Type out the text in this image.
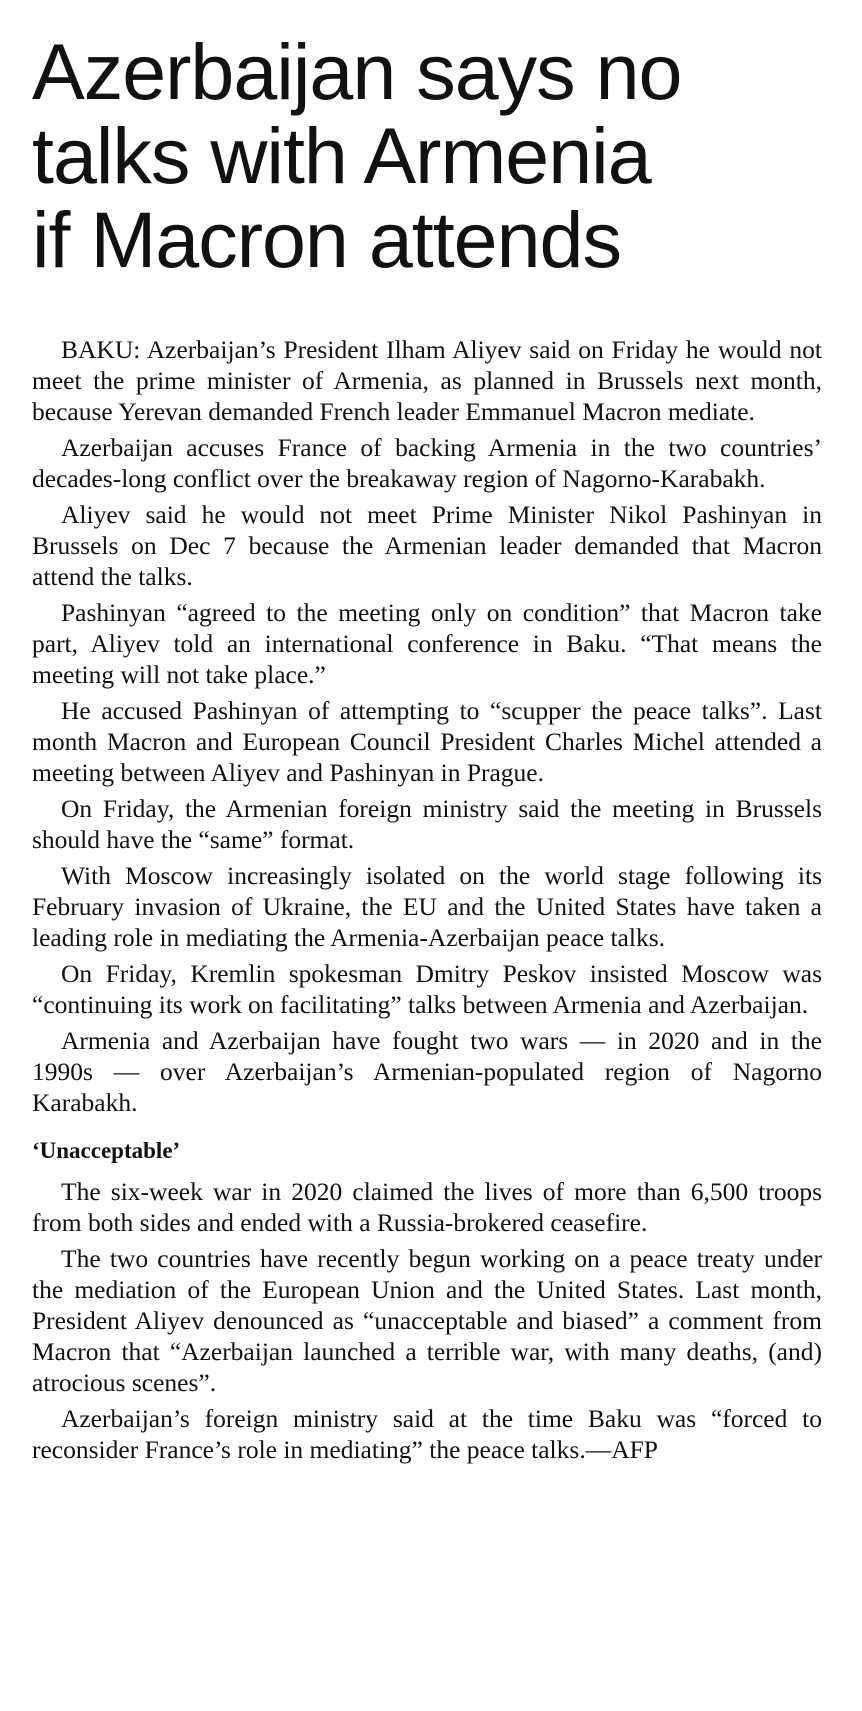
Azerbaijan says no
talks with Armenia
if Macron attends

BAKU: Azerbaijan’s President Ilham Aliyev said on Friday he would not meet the prime minister of Armenia, as planned in Brussels next month, because Yerevan demanded French leader Emmanuel Macron mediate.

Azerbaijan accuses France of backing Armenia in the two countries’ decades-long conflict over the breakaway region of Nagorno-Karabakh.

Aliyev said he would not meet Prime Minister Nikol Pashinyan in Brussels on Dec 7 because the Armenian leader demanded that Macron attend the talks.

Pashinyan “agreed to the meeting only on condition” that Macron take part, Aliyev told an international conference in Baku. “That means the meeting will not take place.”

He accused Pashinyan of attempting to “scupper the peace talks”. Last month Macron and European Council President Charles Michel attended a meeting between Aliyev and Pashinyan in Prague.

On Friday, the Armenian foreign ministry said the meeting in Brussels should have the “same” format.

With Moscow increasingly isolated on the world stage following its February invasion of Ukraine, the EU and the United States have taken a leading role in mediating the Armenia-Azerbaijan peace talks.

On Friday, Kremlin spokesman Dmitry Peskov insisted Moscow was “continuing its work on facilitating” talks between Armenia and Azerbaijan.

Armenia and Azerbaijan have fought two wars — in 2020 and in the 1990s — over Azerbaijan’s Armenian-populated region of Nagorno Karabakh.

‘Unacceptable’

The six-week war in 2020 claimed the lives of more than 6,500 troops from both sides and ended with a Russia-brokered ceasefire.

The two countries have recently begun working on a peace treaty under the mediation of the European Union and the United States. Last month, President Aliyev denounced as “unacceptable and biased” a comment from Macron that “Azerbaijan launched a terrible war, with many deaths, (and) atrocious scenes”.

Azerbaijan’s foreign ministry said at the time Baku was “forced to reconsider France’s role in mediating” the peace talks.—AFP
